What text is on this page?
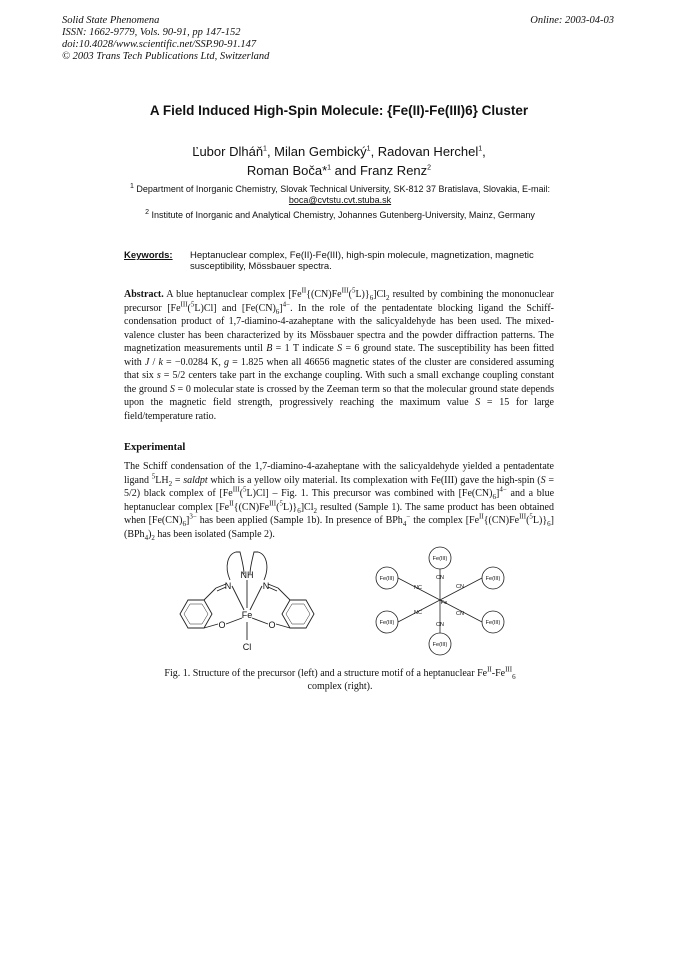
Solid State Phenomena
ISSN: 1662-9779, Vols. 90-91, pp 147-152
doi:10.4028/www.scientific.net/SSP.90-91.147
© 2003 Trans Tech Publications Ltd, Switzerland
Online: 2003-04-03
A Field Induced High-Spin Molecule: {Fe(II)-Fe(III)6} Cluster
Ľubor Dlháň$^1$, Milan Gembický$^1$, Radovan Herchel$^1$,
Roman Boča*$^1$ and Franz Renz$^2$
$^1$ Department of Inorganic Chemistry, Slovak Technical University, SK-812 37 Bratislava, Slovakia, E-mail: boca@cvtstu.cvt.stuba.sk
$^2$ Institute of Inorganic and Analytical Chemistry, Johannes Gutenberg-University, Mainz, Germany
Keywords: Heptanuclear complex, Fe(II)-Fe(III), high-spin molecule, magnetization, magnetic susceptibility, Mössbauer spectra.
Abstract. A blue heptanuclear complex $[Fe^{II}\{(CN)Fe^{III}(^5L)\}_6]Cl_2$ resulted by combining the mononuclear precursor $[Fe^{III}(^5L)Cl]$ and $[Fe(CN)_6]^{4-}$. In the role of the pentadentate blocking ligand the Schiff-condensation product of 1,7-diamino-4-azaheptane with the salicyaldehyde has been used. The mixed-valence cluster has been characterized by its Mössbauer spectra and the powder diffraction patterns. The magnetization measurements until B = 1 T indicate S = 6 ground state. The susceptibility has been fitted with J / k = −0.0284 K, g = 1.825 when all 46656 magnetic states of the cluster are considered assuming that six s = 5/2 centers take part in the exchange coupling. With such a small exchange coupling constant the ground S = 0 molecular state is crossed by the Zeeman term so that the molecular ground state depends upon the magnetic field strength, progressively reaching the maximum value S = 15 for large field/temperature ratio.
Experimental
The Schiff condensation of the 1,7-diamino-4-azaheptane with the salicyaldehyde yielded a pentadentate ligand $^5LH_2$ = saldpt which is a yellow oily material. Its complexation with Fe(III) gave the high-spin (S = 5/2) black complex of $[Fe^{III}(^5L)Cl]$ – Fig. 1. This precursor was combined with $[Fe(CN)_6]^{4-}$ and a blue heptanuclear complex $[Fe^{II}\{(CN)Fe^{III}(^5L)\}_6]Cl_2$ resulted (Sample 1). The same product has been obtained when $[Fe(CN)_6]^{3-}$ has been applied (Sample 1b). In presence of BPh$_4$− the complex $[Fe^{II}\{(CN)Fe^{III}(^5L)\}_6](BPh_4)_2$ has been isolated (Sample 2).
NH
N	N
Fe
O	O
Cl
Fe(III)
Fe(III)	Fe(III)
Fe(III)	Fe(III)
Fe(III)
CN
CN
NC
NC	CN
CN
Fe
Fig. 1. Structure of the precursor (left) and a structure motif of a heptanuclear $Fe^{II}-Fe^{III}_6$ complex (right).
